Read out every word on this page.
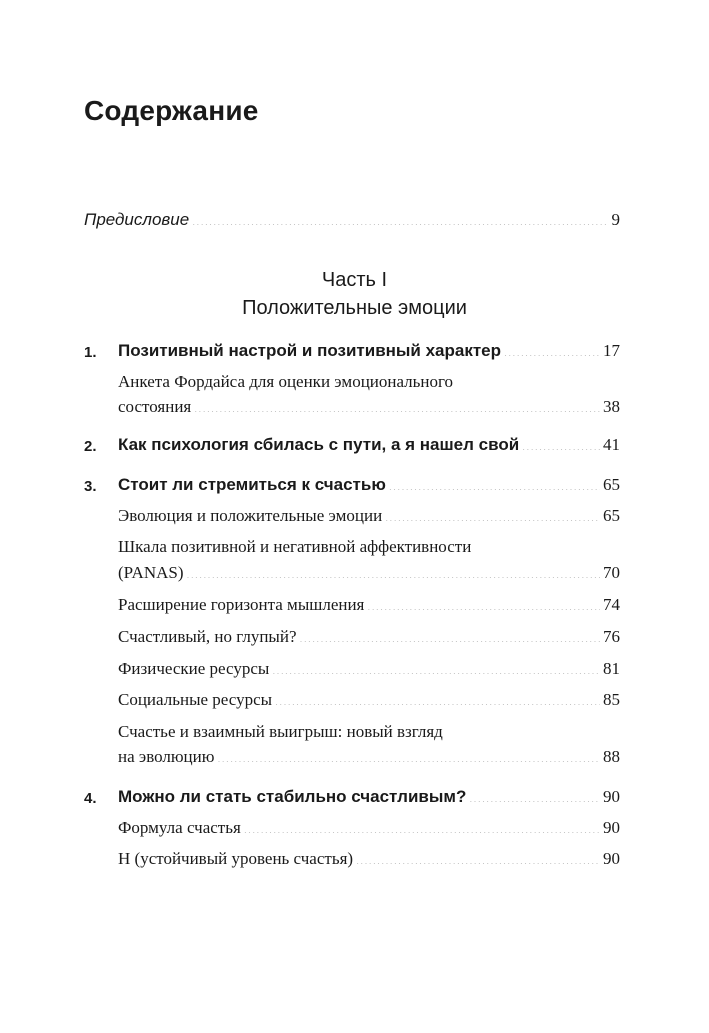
Содержание
Предисловие .....	9
Часть I
Положительные эмоции
1. Позитивный настрой и позитивный характер .....	17
Анкета Фордайса для оценки эмоционального
состояния .....	38
2. Как психология сбилась с пути, а я нашел свой .....	41
3. Стоит ли стремиться к счастью .....	65
Эволюция и положительные эмоции .....	65
Шкала позитивной и негативной аффективности
(PANAS) .....	70
Расширение горизонта мышления .....	74
Счастливый, но глупый? .....	76
Физические ресурсы .....	81
Социальные ресурсы .....	85
Счастье и взаимный выигрыш: новый взгляд
на эволюцию .....	88
4. Можно ли стать стабильно счастливым? .....	90
Формула счастья .....	90
H (устойчивый уровень счастья) .....	90
